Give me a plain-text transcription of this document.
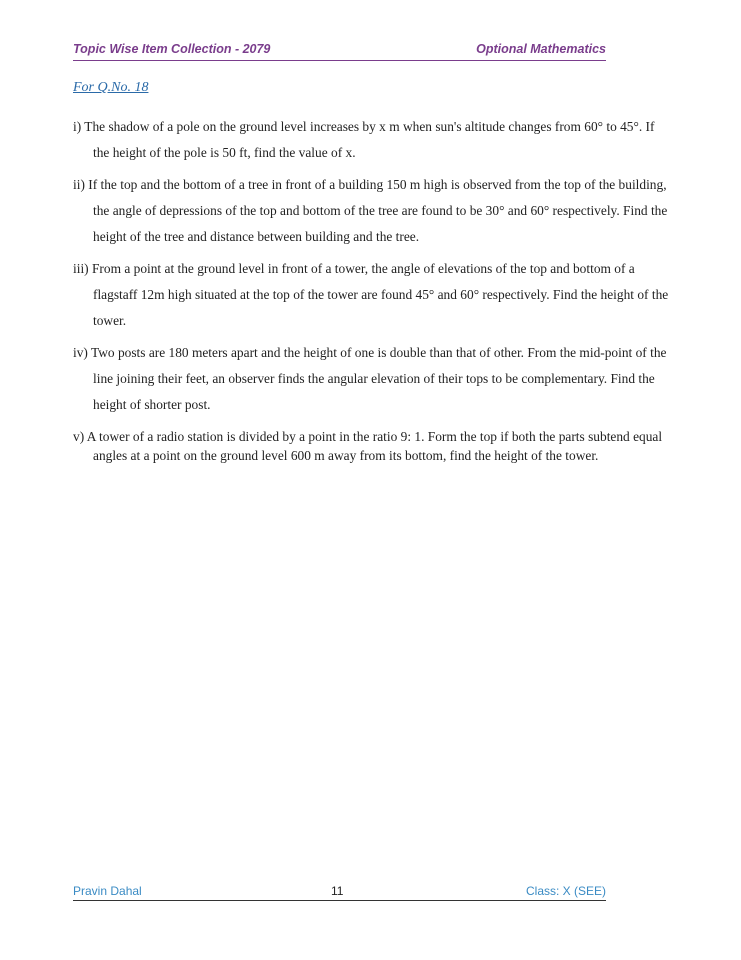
Topic Wise Item Collection - 2079	Optional Mathematics
For Q.No. 18

i) The shadow of a pole on the ground level increases by x m when sun's altitude changes from 60° to 45°. If the height of the pole is 50 ft, find the value of x.

ii) If the top and the bottom of a tree in front of a building 150 m high is observed from the top of the building, the angle of depressions of the top and bottom of the tree are found to be 30° and 60° respectively. Find the height of the tree and distance between building and the tree.

iii) From a point at the ground level in front of a tower, the angle of elevations of the top and bottom of a flagstaff 12m high situated at the top of the tower are found 45° and 60° respectively. Find the height of the tower.

iv) Two posts are 180 meters apart and the height of one is double than that of other. From the mid-point of the line joining their feet, an observer finds the angular elevation of their tops to be complementary. Find the height of shorter post.

v) A tower of a radio station is divided by a point in the ratio 9: 1. Form the top if both the parts subtend equal angles at a point on the ground level 600 m away from its bottom, find the height of the tower.

Pravin Dahal	11	Class: X (SEE)
